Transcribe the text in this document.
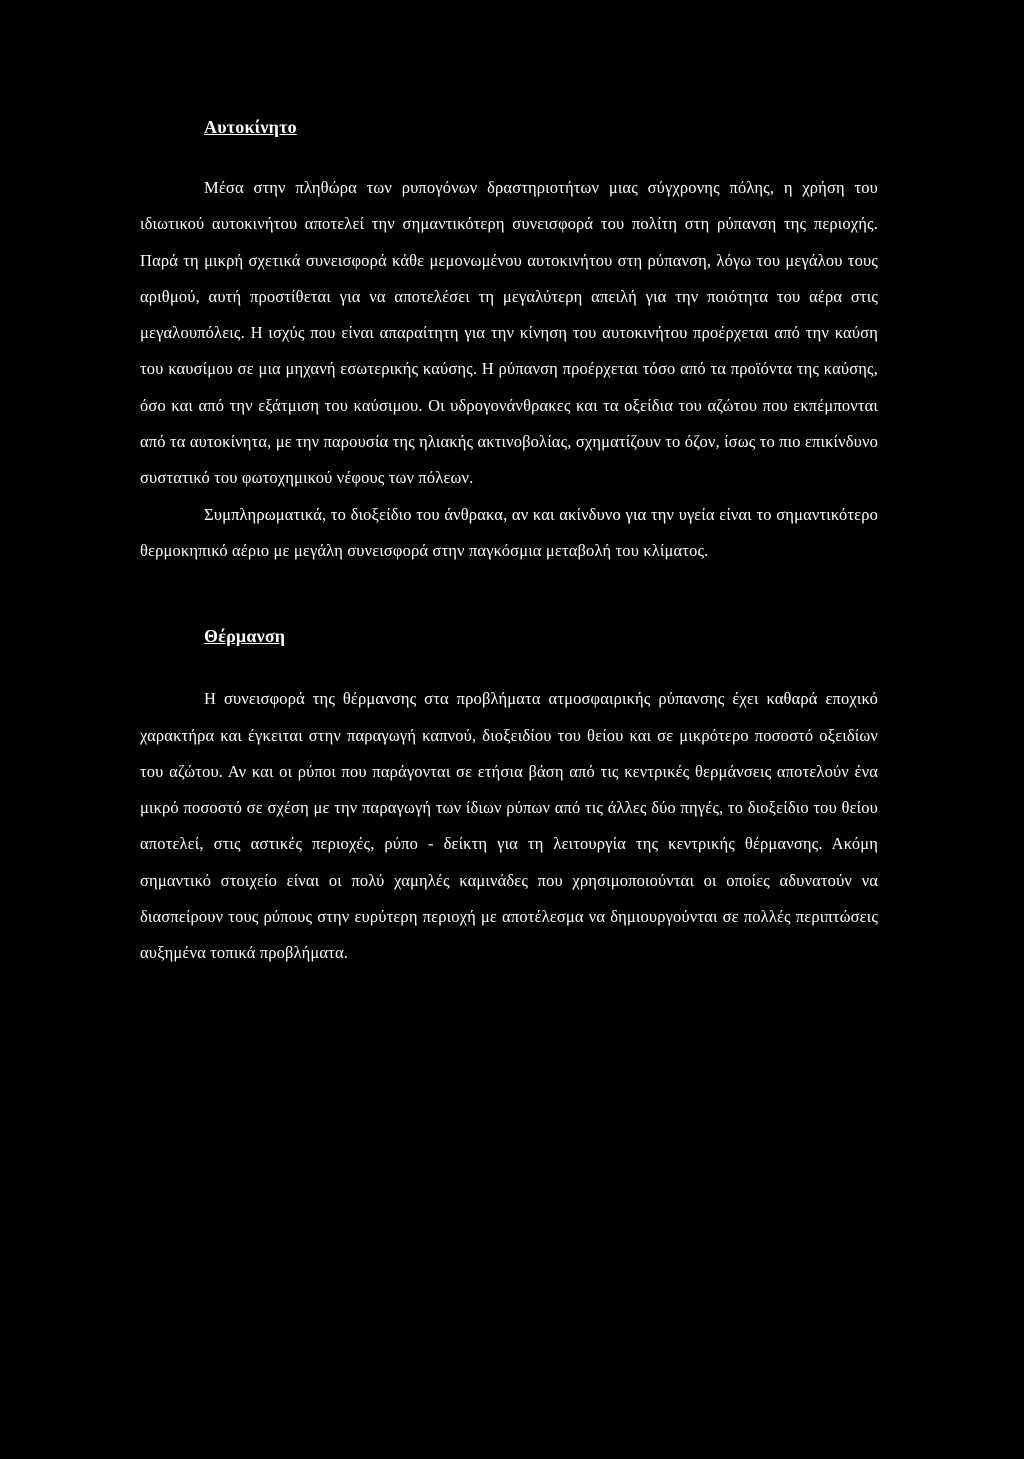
Αυτοκίνητο

Μέσα στην πληθώρα των ρυπογόνων δραστηριοτήτων μιας σύγχρονης πόλης, η χρήση του ιδιωτικού αυτοκινήτου αποτελεί την σημαντικότερη συνεισφορά του πολίτη στη ρύπανση της περιοχής. Παρά τη μικρή σχετικά συνεισφορά κάθε μεμονωμένου αυτοκινήτου στη ρύπανση, λόγω του μεγάλου τους αριθμού, αυτή προστίθεται για να αποτελέσει τη μεγαλύτερη απειλή για την ποιότητα του αέρα στις μεγαλουπόλεις. Η ισχύς που είναι απαραίτητη για την κίνηση του αυτοκινήτου προέρχεται από την καύση του καυσίμου σε μια μηχανή εσωτερικής καύσης. Η ρύπανση προέρχεται τόσο από τα προϊόντα της καύσης, όσο και από την εξάτμιση του καύσιμου. Οι υδρογονάνθρακες και τα οξείδια του αζώτου που εκπέμπονται από τα αυτοκίνητα, με την παρουσία της ηλιακής ακτινοβολίας, σχηματίζουν το όζον, ίσως το πιο επικίνδυνο συστατικό του φωτοχημικού νέφους των πόλεων.

Συμπληρωματικά, το διοξείδιο του άνθρακα, αν και ακίνδυνο για την υγεία είναι το σημαντικότερο θερμοκηπικό αέριο με μεγάλη συνεισφορά στην παγκόσμια μεταβολή του κλίματος.

Θέρμανση

Η συνεισφορά της θέρμανσης στα προβλήματα ατμοσφαιρικής ρύπανσης έχει καθαρά εποχικό χαρακτήρα και έγκειται στην παραγωγή καπνού, διοξειδίου του θείου και σε μικρότερο ποσοστό οξειδίων του αζώτου. Αν και οι ρύποι που παράγονται σε ετήσια βάση από τις κεντρικές θερμάνσεις αποτελούν ένα μικρό ποσοστό σε σχέση με την παραγωγή των ίδιων ρύπων από τις άλλες δύο πηγές, το διοξείδιο του θείου αποτελεί, στις αστικές περιοχές, ρύπο - δείκτη για τη λειτουργία της κεντρικής θέρμανσης. Ακόμη σημαντικό στοιχείο είναι οι πολύ χαμηλές καμινάδες που χρησιμοποιούνται οι οποίες αδυνατούν να διασπείρουν τους ρύπους στην ευρύτερη περιοχή με αποτέλεσμα να δημιουργούνται σε πολλές περιπτώσεις αυξημένα τοπικά προβλήματα.
